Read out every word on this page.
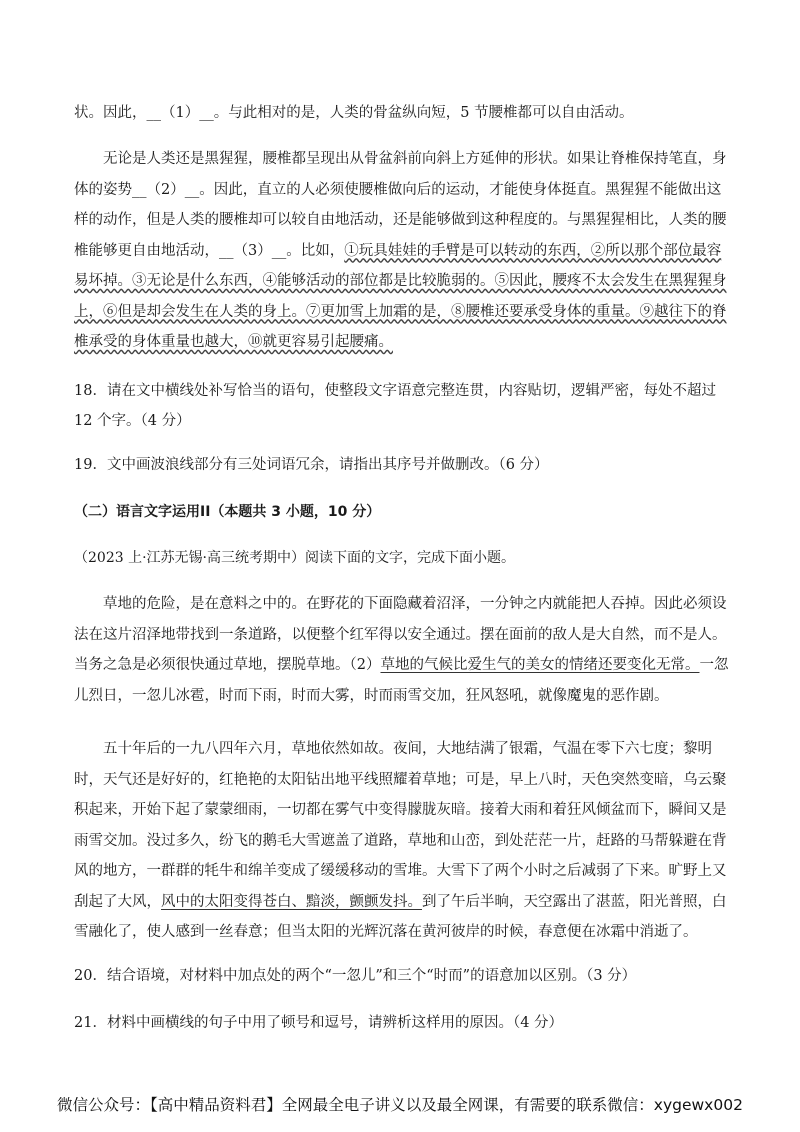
状。因此，__（1）__。与此相对的是，人类的骨盆纵向短，5 节腰椎都可以自由活动。

无论是人类还是黑猩猩，腰椎都呈现出从骨盆斜前向斜上方延伸的形状。如果让脊椎保持笔直，身体的姿势__（2）__。因此，直立的人必须使腰椎做向后的运动，才能使身体挺直。黑猩猩不能做出这样的动作，但是人类的腰椎却可以较自由地活动，还是能够做到这种程度的。与黑猩猩相比，人类的腰椎能够更自由地活动，__（3）__。比如，①玩具娃娃的手臂是可以转动的东西，②所以那个部位最容易坏掉。③无论是什么东西，④能够活动的部位都是比较脆弱的。⑤因此，腰疼不太会发生在黑猩猩身上，⑥但是却会发生在人类的身上。⑦更加雪上加霜的是，⑧腰椎还要承受身体的重量。⑨越往下的脊椎承受的身体重量也越大，⑩就更容易引起腰痛。

18．请在文中横线处补写恰当的语句，使整段文字语意完整连贯，内容贴切，逻辑严密，每处不超过 12 个字。（4 分）

19．文中画波浪线部分有三处词语冗余，请指出其序号并做删改。（6 分）

（二）语言文字运用II（本题共 3 小题，10 分）

（2023 上·江苏无锡·高三统考期中）阅读下面的文字，完成下面小题。

草地的危险，是在意料之中的。在野花的下面隐藏着沼泽，一分钟之内就能把人吞掉。因此必须设法在这片沼泽地带找到一条道路，以便整个红军得以安全通过。摆在面前的敌人是大自然，而不是人。当务之急是必须很快通过草地，摆脱草地。（2）草地的气候比爱生气的美女的情绪还要变化无常。一忽儿烈日，一忽儿冰雹，时而下雨，时而大雾，时而雨雪交加，狂风怒吼，就像魔鬼的恶作剧。
五十年后的一九八四年六月，草地依然如故。夜间，大地结满了银霜，气温在零下六七度；黎明时，天气还是好好的，红艳艳的太阳钻出地平线照耀着草地；可是，早上八时，天色突然变暗，乌云聚积起来，开始下起了蒙蒙细雨，一切都在雾气中变得朦胧灰暗。接着大雨和着狂风倾盆而下，瞬间又是雨雪交加。没过多久，纷飞的鹅毛大雪遮盖了道路，草地和山峦，到处茫茫一片，赶路的马帮躲避在背风的地方，一群群的牦牛和绵羊变成了缓缓移动的雪堆。大雪下了两个小时之后减弱了下来。旷野上又刮起了大风，风中的太阳变得苍白、黯淡，颤颤发抖。到了午后半晌，天空露出了湛蓝，阳光普照，白雪融化了，使人感到一丝春意；但当太阳的光辉沉落在黄河彼岸的时候，春意便在冰霜中消逝了。

20．结合语境，对材料中加点处的两个“一忽儿”和三个“时而”的语意加以区别。（3 分）

21．材料中画横线的句子中用了顿号和逗号，请辨析这样用的原因。（4 分）

微信公众号：【高中精品资料君】全网最全电子讲义以及最全网课，有需要的联系微信：xygewx002
